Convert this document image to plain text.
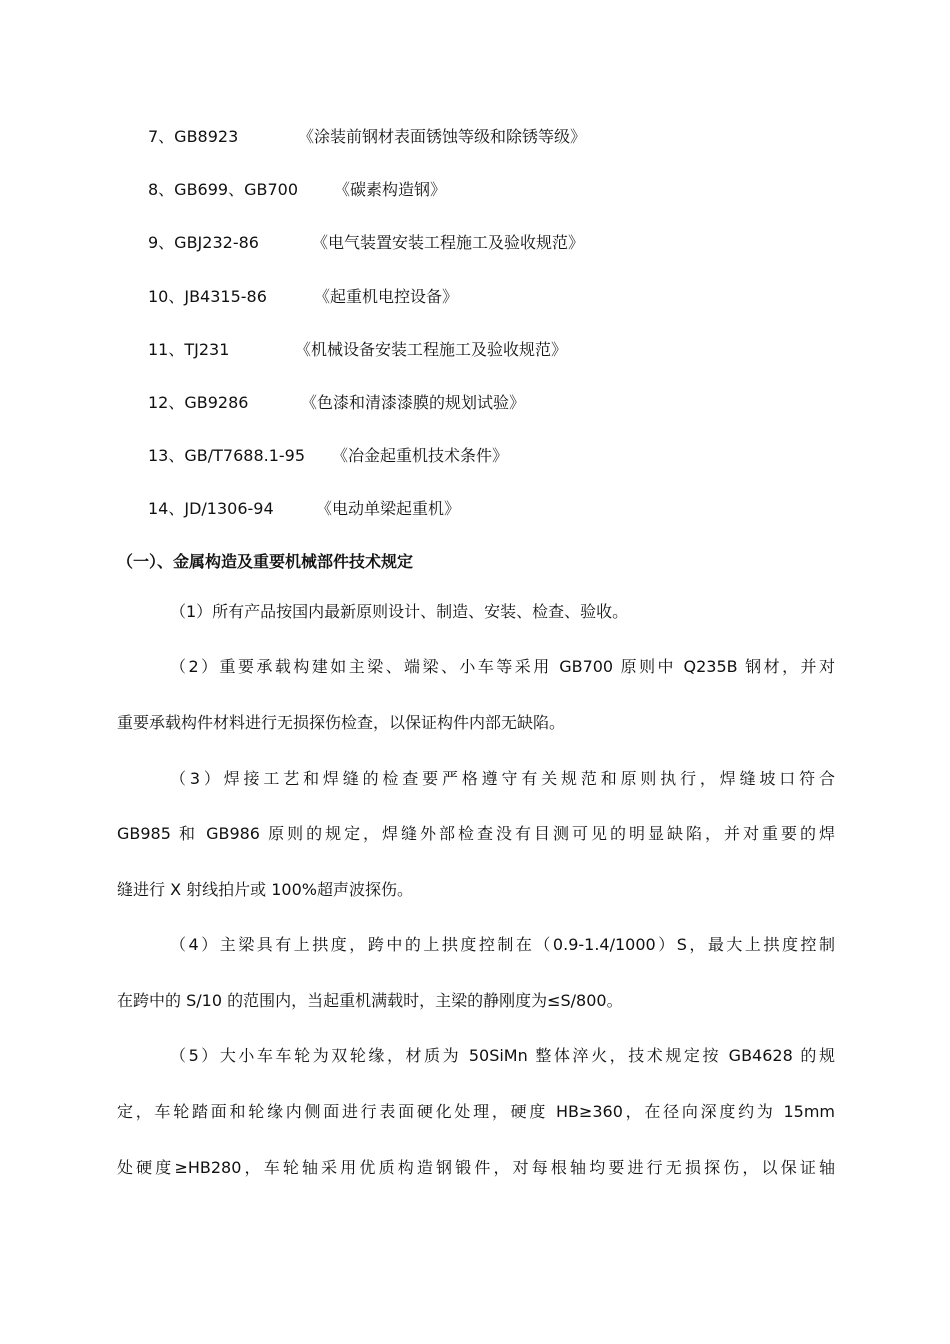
7、GB8923	《涂装前钢材表面锈蚀等级和除锈等级》
8、GB699、GB700 《碳素构造钢》
9、GBJ232-86	《电气装置安装工程施工及验收规范》
10、JB4315-86	《起重机电控设备》
11、TJ231	《机械设备安装工程施工及验收规范》
12、GB9286	《色漆和清漆漆膜的规划试验》
13、GB/T7688.1-95 《冶金起重机技术条件》
14、JD/1306-94	《电动单梁起重机》
（一）、金属构造及重要机械部件技术规定
（1）所有产品按国内最新原则设计、制造、安装、检查、验收。
（2）重要承载构建如主梁、端梁、小车等采用 GB700 原则中 Q235B 钢材，并对
重要承载构件材料进行无损探伤检查，以保证构件内部无缺陷。
（3）焊接工艺和焊缝的检查要严格遵守有关规范和原则执行，焊缝坡口符合
GB985 和 GB986 原则的规定，焊缝外部检查没有目测可见的明显缺陷，并对重要的焊
缝进行 X 射线拍片或 100%超声波探伤。
（4）主梁具有上拱度，跨中的上拱度控制在（0.9-1.4/1000）S，最大上拱度控制
在跨中的 S/10 的范围内，当起重机满载时，主梁的静刚度为≤S/800。
（5）大小车车轮为双轮缘，材质为 50SiMn 整体淬火，技术规定按 GB4628 的规
定，车轮踏面和轮缘内侧面进行表面硬化处理，硬度 HB≥360，在径向深度约为 15mm
处硬度≥HB280，车轮轴采用优质构造钢锻件，对每根轴均要进行无损探伤，以保证轴
